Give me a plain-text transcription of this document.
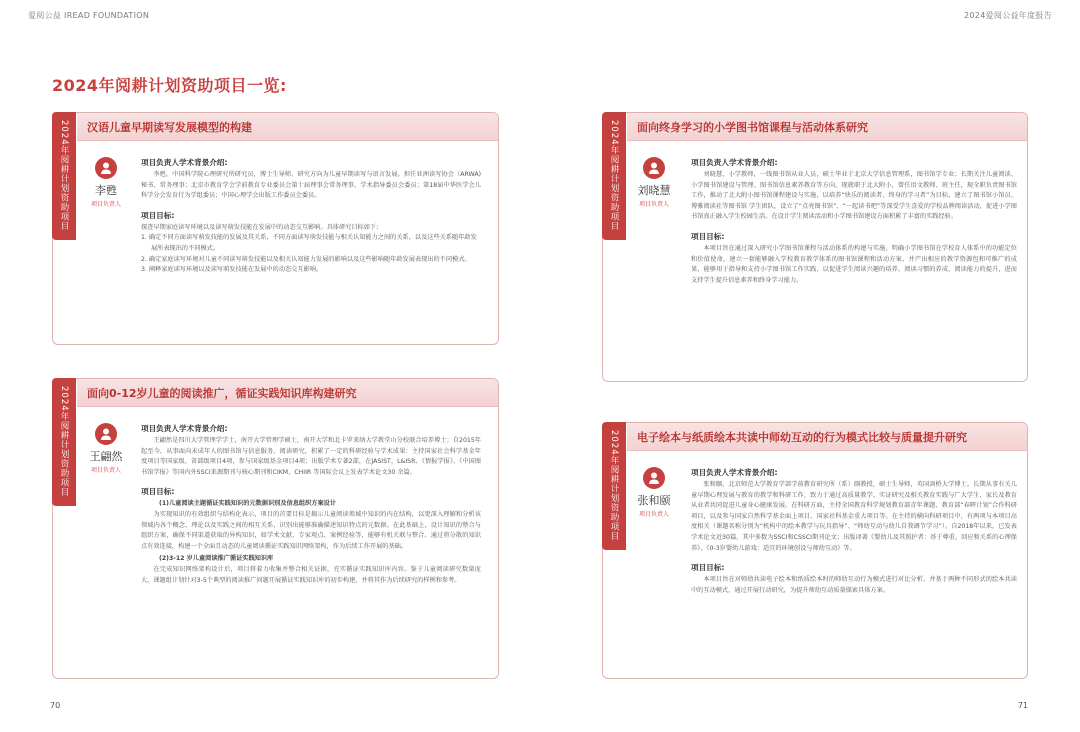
爱阅公益 IREAD FOUNDATION	2024爱阅公益年度报告
2024年阅耕计划资助项目一览:
2024年阅耕计划资助项目	汉语儿童早期读写发展模型的构建
李甦
项目负责人
项目负责人学术背景介绍:
李甦，中国科学院心理研究所研究员，博士生导师，研究方向为儿童早期读写与语言发展。担任亚洲读写协会（ARWA)秘书、常务理事；北京市教育学会学前教育专业委员会第十届理事会常务理事，学术指导委员会委员；第18届中华医学会儿科学分会发育行为学组委员；中国心理学会出版工作委员会委员。
项目目标:
探查早期家庭读写环境以及读写萌发技能在发展中的动态交互影响。具体研究目标如下:
1. 确定不同方面读写萌发技能的发展及其关系，不同方面读写萌发技能与相关认知能力之间的关系，以及这些关系随年龄发展所表现出的不同模式。
2. 确定家庭读写环境对儿童不同读写萌发技能以及相关认知能力发展的影响以及这些影响随年龄发展表现出的不同模式。
3. 阐释家庭读写环境以及读写萌发技能在发展中的动态交互影响。
2024年阅耕计划资助项目	面向0-12岁儿童的阅读推广，循证实践知识库构建研究
王翩然
项目负责人
项目负责人学术背景介绍:
王翩然是四川大学管理学学士，南开大学管理学硕士，南开大学和北卡罗来纳大学教堂山分校联合培养博士；自2015年起至今，从事面向未成年人的图书馆与信息服务、阅读研究，积累了一定的科研经验与学术成果：主持国家社会科学基金年度项目等国家级、省部级项目4项，参与国家级基金项目4项；出版学术专著2部，在JASIST、L&ISR、《情报学报》、《中国图书馆学报》等国内外SSCI来源期刊与核心期刊和CIKM、CHIIR 等国际会议上发表学术论文30 余篇。
项目目标:
(1)儿童阅读主题循证实践知识的元数据识别及信息组织方案设计
为实现知识的有效组织与结构化表示，项目的首要目标是揭示儿童阅读领域中知识的内在结构，以更深入理解和分析该领域内各个概念、理论以及实践之间的相互关系，识别出能够准确描述知识特点的元数据。在此基础上，设计知识的整合与组织方案，确保不同渠道获取的异构知识，如学术文献、专家观点、案例经验等，能够有机关联与整合。通过将分散的知识点有效连接，构建一个全面且动态的儿童阅读循证实践知识网络架构，作为后续工作开展的基础。
(2)3-12 岁儿童阅读推广循证实践知识库
在完成知识网络架构设计后，项目将着力收集并整合相关证据，充实循证实践知识库内容。鉴于儿童阅读研究数量庞大，课题组计划针对3-5个典型的阅读推广问题开展循证实践知识库的初步构建，并将其作为后续研究的样例和参考。
2024年阅耕计划资助项目	面向终身学习的小学图书馆课程与活动体系研究
刘晓慧
项目负责人
项目负责人学术背景介绍:
刘晓慧，小学教师，一线图书馆从业人员，硕士毕业于北京大学信息管理系，图书馆学专业；长期关注儿童阅读、小学图书馆建设与管理、图书馆信息素养教育等方向。现就职于北大附小，曾任语文教师、班主任，现全职负责图书馆工作，推动了北大附小图书馆课程建设与实施，以培养“快乐的阅读者、终身的学习者”为目标，建立了图书馆小馆员、博雅阅读社等图书馆 学生团队，设立了“点亮图书馆”、“一起读书吧”等深受学生喜爱的学校品牌阅读活动，促进小学图书馆真正融入学生校园生活。在设计学生阅读活动和小学图书馆建设方面积累了丰富的实践经验。
项目目标:
本项目旨在通过深入研究小学图书馆课程与活动体系的构建与实施，明确小学图书馆在学校育人体系中的功能定位和价值使命，建立一套能够融入学校教育教学体系的图书馆课程和活动方案，并产出相应的教学资源包和可推广的成果，能够用于指导和支持小学图书馆工作实践，以促进学生阅读兴趣的培养、阅读习惯的养成、阅读能力的提升，进而支持学生提升信息素养和终身学习能力。
2024年阅耕计划资助项目	电子绘本与纸质绘本共读中师幼互动的行为模式比较与质量提升研究
张和颐
项目负责人
项目负责人学术背景介绍:
张和颐，北京师范大学教育学部学前教育研究所（系）副教授，硕士生导师，英国剑桥大学博士。长期从事有关儿童早期心理发展与教育的教学和科研工作，致力于通过高质量教学、实证研究及相关教育实践与广大学生、家长及教育从业者共同促进儿童身心健康发展。在科研方面，主持全国教育科学规划教育部青年课题、教育部“春晖计划”合作科研项目，以及参与国家自然科学基金面上项目、国家社科基金重大项目等。在主持的横向科研项目中，有两项与本项目高度相关（课题名称分别为“机构中的绘本教学与玩具指导”、“师幼互动与幼儿自我调节学习”）。自2018年以来，已发表学术论文近30篇，其中多数为SSCI和CSSCI期刊论文；出版译著《婴幼儿及其照护者：基于尊重、回应和关系的心理保养》、《0-3岁婴幼儿游戏：适宜的环境创设与师幼互动》等。
项目目标:
本项目旨在对师幼共读电子绘本和纸质绘本时的师幼互动行为模式进行对比分析，并基于两种不同形式的绘本共读中的互动模式，通过开展行动研究，为提升师幼互动质量探索具体方案。
70	71
